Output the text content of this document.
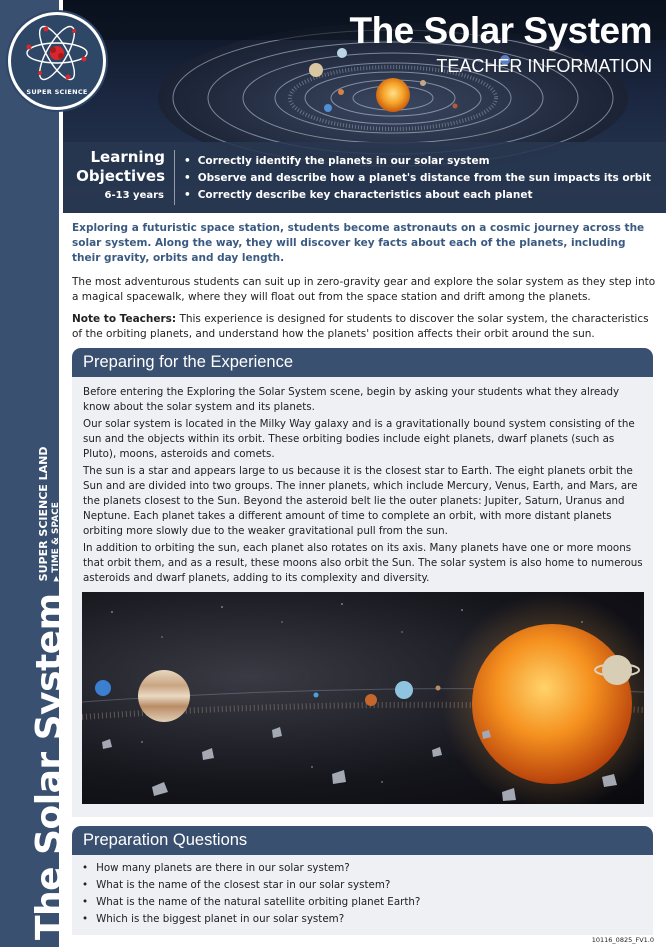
SUPER SCIENCE
The Solar System
SUPER SCIENCE LAND ▶ TIME & SPACE
The Solar System
TEACHER INFORMATION
Learning
Objectives
6-13 years
• Correctly identify the planets in our solar system
• Observe and describe how a planet's distance from the sun impacts its orbit
• Correctly describe key characteristics about each planet

Exploring a futuristic space station, students become astronauts on a cosmic journey across the solar system. Along the way, they will discover key facts about each of the planets, including their gravity, orbits and day length.

The most adventurous students can suit up in zero-gravity gear and explore the solar system as they step into a magical spacewalk, where they will float out from the space station and drift among the planets.

Note to Teachers: This experience is designed for students to discover the solar system, the characteristics of the orbiting planets, and understand how the planets' position affects their orbit around the sun.

Preparing for the Experience

Before entering the Exploring the Solar System scene, begin by asking your students what they already know about the solar system and its planets.

Our solar system is located in the Milky Way galaxy and is a gravitationally bound system consisting of the sun and the objects within its orbit. These orbiting bodies include eight planets, dwarf planets (such as Pluto), moons, asteroids and comets.

The sun is a star and appears large to us because it is the closest star to Earth. The eight planets orbit the Sun and are divided into two groups. The inner planets, which include Mercury, Venus, Earth, and Mars, are the planets closest to the Sun. Beyond the asteroid belt lie the outer planets: Jupiter, Saturn, Uranus and Neptune. Each planet takes a different amount of time to complete an orbit, with more distant planets orbiting more slowly due to the weaker gravitational pull from the sun.

In addition to orbiting the sun, each planet also rotates on its axis. Many planets have one or more moons that orbit them, and as a result, these moons also orbit the Sun. The solar system is also home to numerous asteroids and dwarf planets, adding to its complexity and diversity.

Preparation Questions
• How many planets are there in our solar system?
• What is the name of the closest star in our solar system?
• What is the name of the natural satellite orbiting planet Earth?
• Which is the biggest planet in our solar system?
10116_0825_FV1.0
